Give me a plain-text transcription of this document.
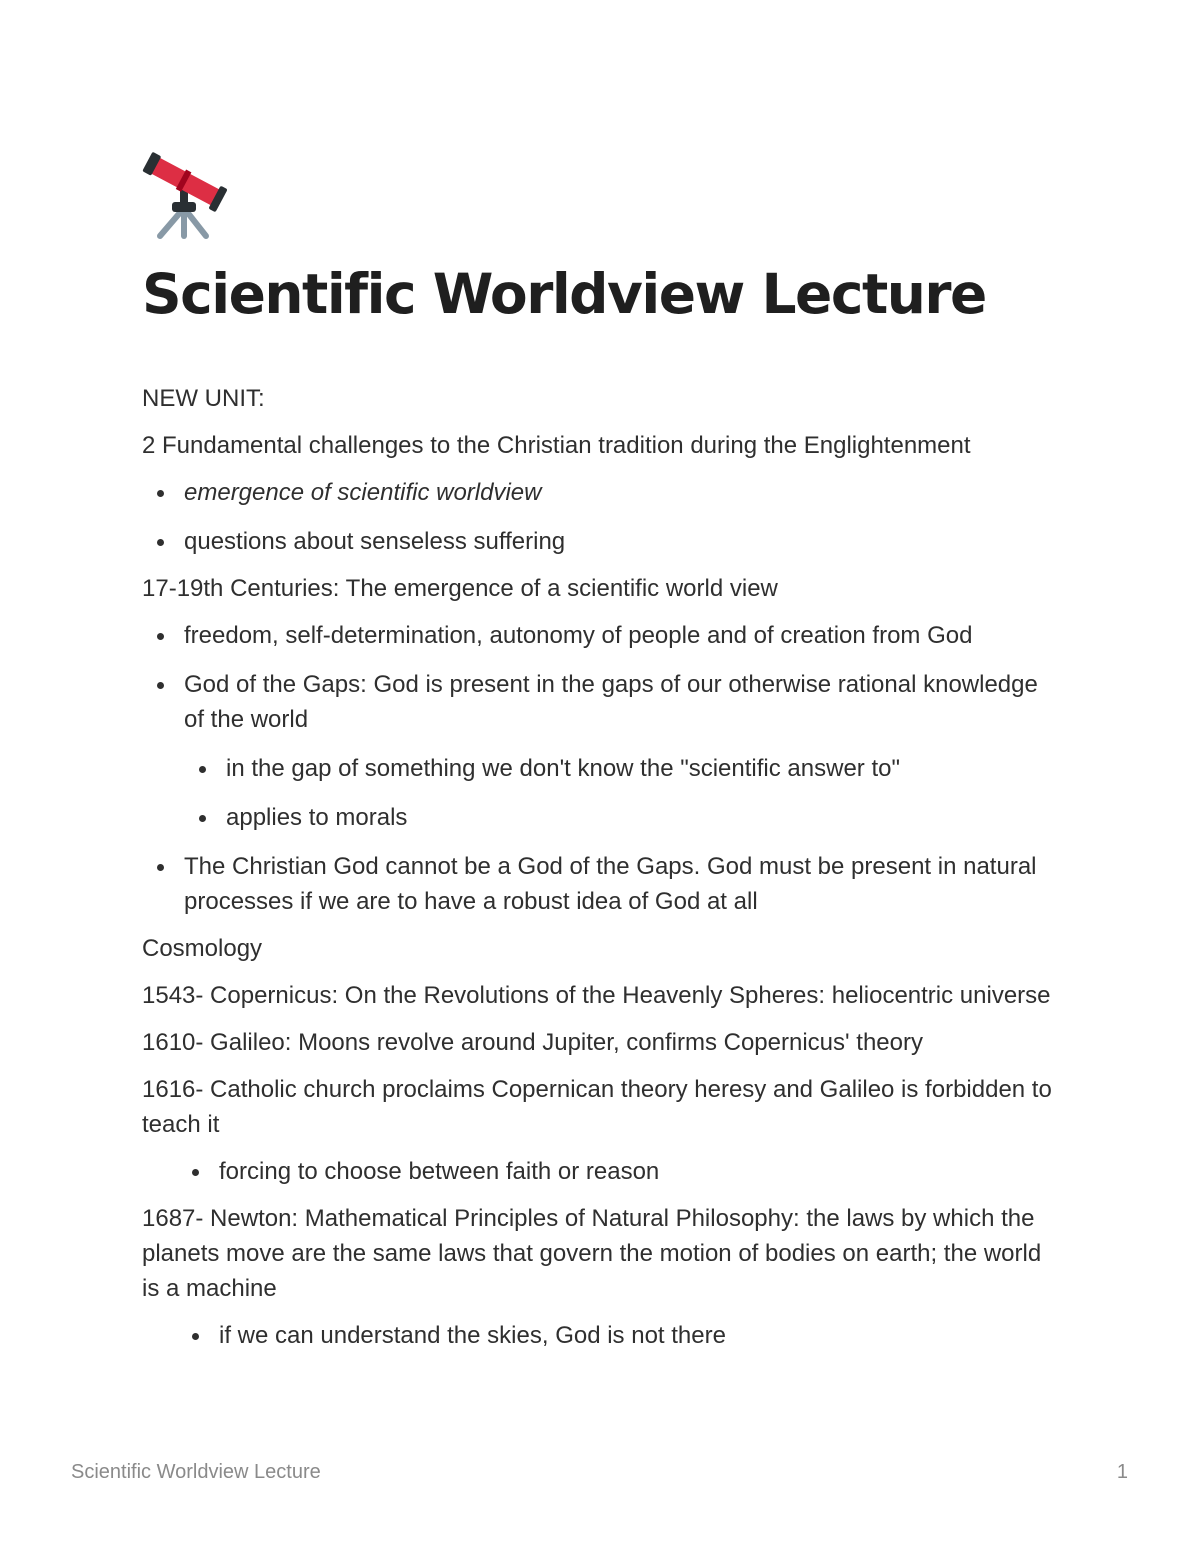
Scientific Worldview Lecture

NEW UNIT:

2 Fundamental challenges to the Christian tradition during the Englightenment

emergence of scientific worldview
questions about senseless suffering

17-19th Centuries: The emergence of a scientific world view

freedom, self-determination, autonomy of people and of creation from God
God of the Gaps: God is present in the gaps of our otherwise rational knowledge of the world
in the gap of something we don't know the "scientific answer to"
applies to morals
The Christian God cannot be a God of the Gaps. God must be present in natural processes if we are to have a robust idea of God at all

Cosmology

1543- Copernicus: On the Revolutions of the Heavenly Spheres: heliocentric universe

1610- Galileo: Moons revolve around Jupiter, confirms Copernicus' theory

1616- Catholic church proclaims Copernican theory heresy and Galileo is forbidden to teach it

forcing to choose between faith or reason

1687- Newton: Mathematical Principles of Natural Philosophy: the laws by which the planets move are the same laws that govern the motion of bodies on earth; the world is a machine

if we can understand the skies, God is not there
Scientific Worldview Lecture	1
